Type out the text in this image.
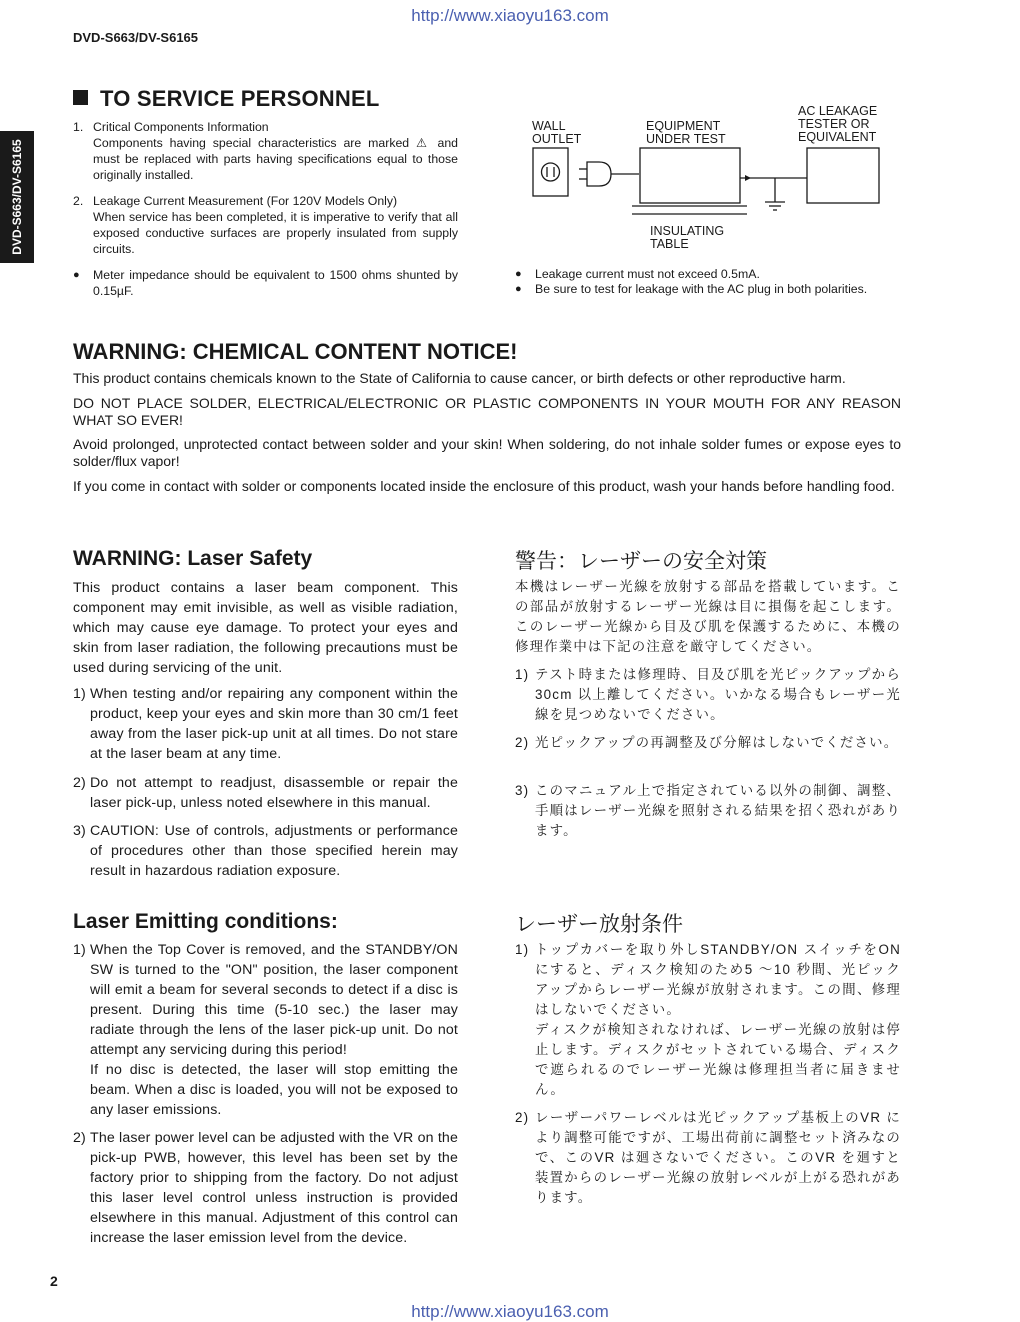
http://www.xiaoyu163.com
DVD-S663/DV-S6165
DVD-S663/DV-S6165
2
http://www.xiaoyu163.com
TO SERVICE PERSONNEL
1. Critical Components Information
Components having special characteristics are marked ⚠ and must be replaced with parts having specifications equal to those originally installed.
2. Leakage Current Measurement (For 120V Models Only)
When service has been completed, it is imperative to verify that all exposed conductive surfaces are properly insulated from supply circuits.
● Meter impedance should be equivalent to 1500 ohms shunted by 0.15µF.
WALL
OUTLET
EQUIPMENT
UNDER TEST
AC LEAKAGE
TESTER OR
EQUIVALENT
INSULATING
TABLE
● Leakage current must not exceed 0.5mA.
● Be sure to test for leakage with the AC plug in both polarities.
WARNING: CHEMICAL CONTENT NOTICE!

This product contains chemicals known to the State of California to cause cancer, or birth defects or other reproductive harm.

DO NOT PLACE SOLDER, ELECTRICAL/ELECTRONIC OR PLASTIC COMPONENTS IN YOUR MOUTH FOR ANY REASON WHAT SO EVER!

Avoid prolonged, unprotected contact between solder and your skin! When soldering, do not inhale solder fumes or expose eyes to solder/flux vapor!

If you come in contact with solder or components located inside the enclosure of this product, wash your hands before handling food.

WARNING: Laser Safety
This product contains a laser beam component. This component may emit invisible, as well as visible radiation, which may cause eye damage. To protect your eyes and skin from laser radiation, the following precautions must be used during servicing of the unit.
1) When testing and/or repairing any component within the product, keep your eyes and skin more than 30 cm/1 feet away from the laser pick-up unit at all times. Do not stare at the laser beam at any time.
2) Do not attempt to readjust, disassemble or repair the laser pick-up, unless noted elsewhere in this manual.
3) CAUTION: Use of controls, adjustments or performance of procedures other than those specified herein may result in hazardous radiation exposure.
警告：レーザーの安全対策
本機はレーザー光線を放射する部品を搭載しています。この部品が放射するレーザー光線は目に損傷を起こします。このレーザー光線から目及び肌を保護するために、本機の修理作業中は下記の注意を厳守してください。
1) テスト時または修理時、目及び肌を光ピックアップから30cm 以上離してください。いかなる場合もレーザー光線を見つめないでください。
2) 光ピックアップの再調整及び分解はしないでください。
3) このマニュアル上で指定されている以外の制御、調整、手順はレーザー光線を照射される結果を招く恐れがあります。
Laser Emitting conditions:
1) When the Top Cover is removed, and the STANDBY/ON SW is turned to the "ON" position, the laser component will emit a beam for several seconds to detect if a disc is present. During this time (5-10 sec.) the laser may radiate through the lens of the laser pick-up unit. Do not attempt any servicing during this period!
If no disc is detected, the laser will stop emitting the beam. When a disc is loaded, you will not be exposed to any laser emissions.
2) The laser power level can be adjusted with the VR on the pick-up PWB, however, this level has been set by the factory prior to shipping from the factory. Do not adjust this laser level control unless instruction is provided elsewhere in this manual. Adjustment of this control can increase the laser emission level from the device.
レーザー放射条件
1) トップカバーを取り外しSTANDBY/ON スイッチをONにすると、ディスク検知のため5 〜10 秒間、光ピックアップからレーザー光線が放射されます。この間、修理はしないでください。
ディスクが検知されなければ、レーザー光線の放射は停止します。ディスクがセットされている場合、ディスクで遮られるのでレーザー光線は修理担当者に届きません。
2) レーザーパワーレベルは光ピックアップ基板上のVR により調整可能ですが、工場出荷前に調整セット済みなので、このVR は廻さないでください。このVR を廻すと装置からのレーザー光線の放射レベルが上がる恐れがあります。
